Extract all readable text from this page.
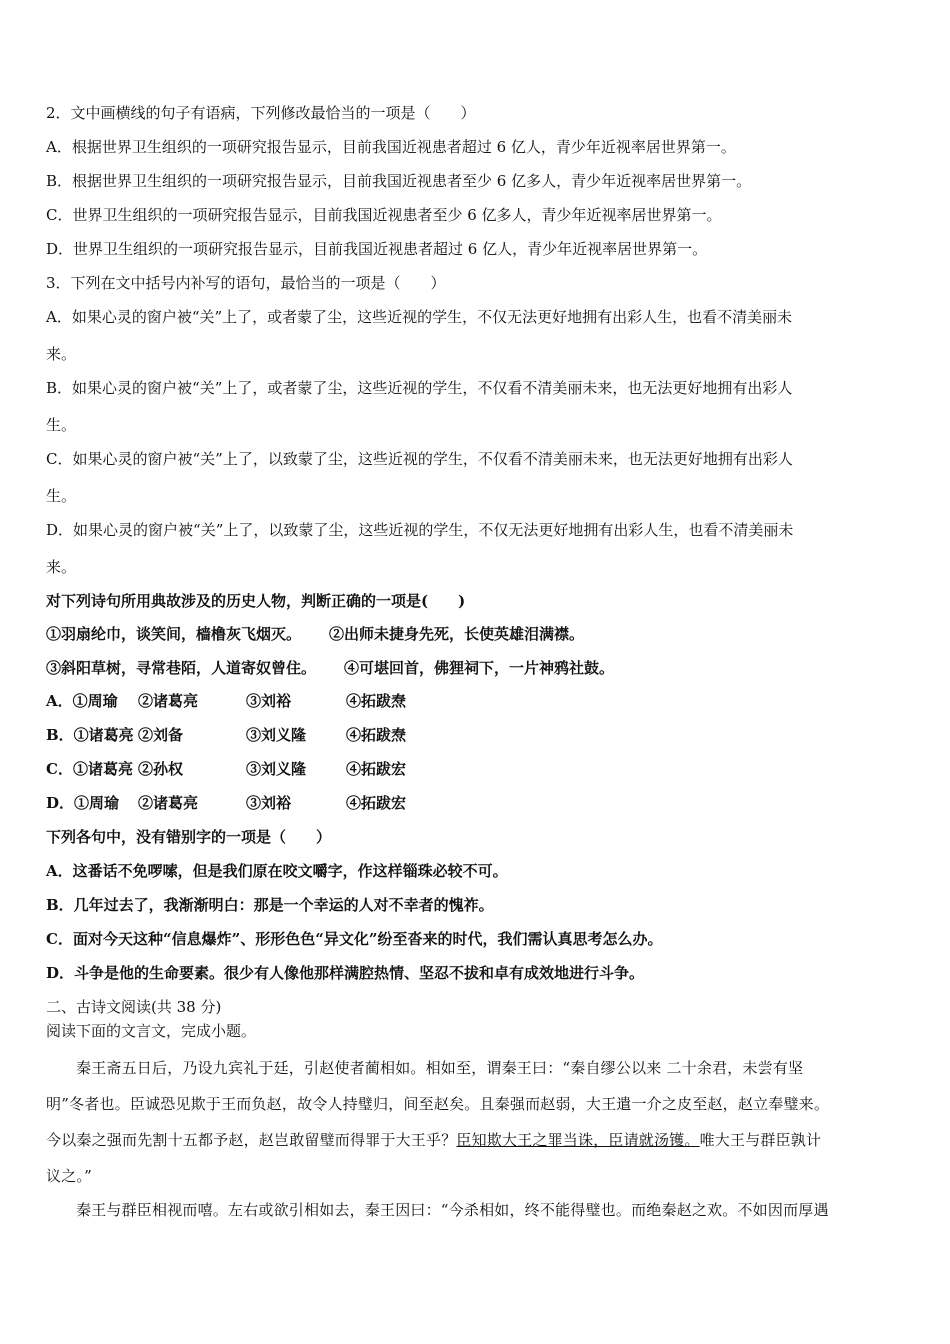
2．文中画横线的句子有语病，下列修改最恰当的一项是（　　）
A．根据世界卫生组织的一项研究报告显示，目前我国近视患者超过 6 亿人，青少年近视率居世界第一。
B．根据世界卫生组织的一项研究报告显示，目前我国近视患者至少 6 亿多人，青少年近视率居世界第一。
C．世界卫生组织的一项研究报告显示，目前我国近视患者至少 6 亿多人，青少年近视率居世界第一。
D．世界卫生组织的一项研究报告显示，目前我国近视患者超过 6 亿人，青少年近视率居世界第一。
3．下列在文中括号内补写的语句，最恰当的一项是（　　）
A．如果心灵的窗户被“关”上了，或者蒙了尘，这些近视的学生，不仅无法更好地拥有出彩人生，也看不清美丽未
来。
B．如果心灵的窗户被“关”上了，或者蒙了尘，这些近视的学生，不仅看不清美丽未来，也无法更好地拥有出彩人
生。
C．如果心灵的窗户被“关”上了，以致蒙了尘，这些近视的学生，不仅看不清美丽未来，也无法更好地拥有出彩人
生。
D．如果心灵的窗户被“关”上了，以致蒙了尘，这些近视的学生，不仅无法更好地拥有出彩人生，也看不清美丽未
来。
对下列诗句所用典故涉及的历史人物，判断正确的一项是(　　)
①羽扇纶巾，谈笑间，樯橹灰飞烟灭。 ②出师未捷身先死，长使英雄泪满襟。
③斜阳草树，寻常巷陌，人道寄奴曾住。 ④可堪回首，佛狸祠下，一片神鸦社鼓。
A．①周瑜 ②诸葛亮	③刘裕	④拓跋焘
B．①诸葛亮 ②刘备	③刘义隆	④拓跋焘
C．①诸葛亮 ②孙权	③刘义隆	④拓跋宏
D．①周瑜 ②诸葛亮	③刘裕	④拓跋宏
下列各句中，没有错别字的一项是（　　）
A．这番话不免啰嗦，但是我们原在咬文嚼字，作这样锱珠必较不可。
B．几年过去了，我渐渐明白：那是一个幸运的人对不幸者的愧祚。
C．面对今天这种“信息爆炸”、形形色色“异文化”纷至沓来的时代，我们需认真思考怎么办。
D．斗争是他的生命要素。很少有人像他那样满腔热情、坚忍不拔和卓有成效地进行斗争。
二、古诗文阅读(共 38 分)
阅读下面的文言文，完成小题。
秦王斋五日后，乃设九宾礼于廷，引赵使者蔺相如。相如至，谓秦王曰：“秦自缪公以来 二十余君，未尝有坚
明”冬者也。臣诚恐见欺于王而负赵，故令人持璧归，间至赵矣。且秦强而赵弱，大王遣一介之皮至赵，赵立奉璧来。
今以秦之强而先割十五都予赵，赵岂敢留璧而得罪于大王乎？臣知欺大王之罪当诛，臣请就汤镬。唯大王与群臣孰计
议之。”
秦王与群臣相视而嘻。左右或欲引相如去，秦王因曰：“今杀相如，终不能得璧也。而绝秦赵之欢。不如因而厚遇
